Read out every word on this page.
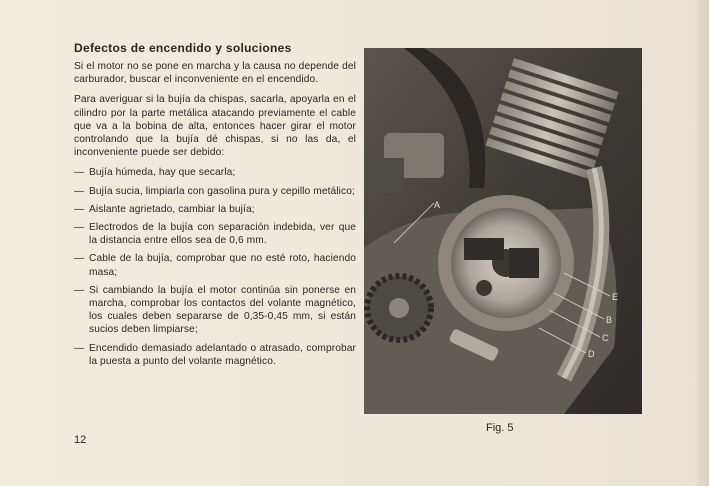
Defectos de encendido y soluciones

Si el motor no se pone en marcha y la causa no depende del carburador, buscar el inconveniente en el encendido.

Para averiguar si la bujía da chispas, sacarla, apoyarla en el cilindro por la parte metálica atacando previamente el cable que va a la bobina de alta, entonces hacer girar el motor controlando que la bujía dé chispas, si no las da, el inconveniente puede ser debido:

— Bujía húmeda, hay que secarla;
— Bujía sucia, limpiarla con gasolina pura y cepillo metálico;
— Aislante agrietado, cambiar la bujía;
— Electrodos de la bujía con separación indebida, ver que la distancia entre ellos sea de 0,6 mm.
— Cable de la bujía, comprobar que no esté roto, haciendo masa;
— Si cambiando la bujía el motor continúa sin ponerse en marcha, comprobar los contactos del volante magnético, los cuales deben separarse de 0,35-0,45 mm, si están sucios deben limpiarse;
— Encendido demasiado adelantado o atrasado, comprobar la puesta a punto del volante magnético.
A
E
B
C
D
Fig. 5
12
